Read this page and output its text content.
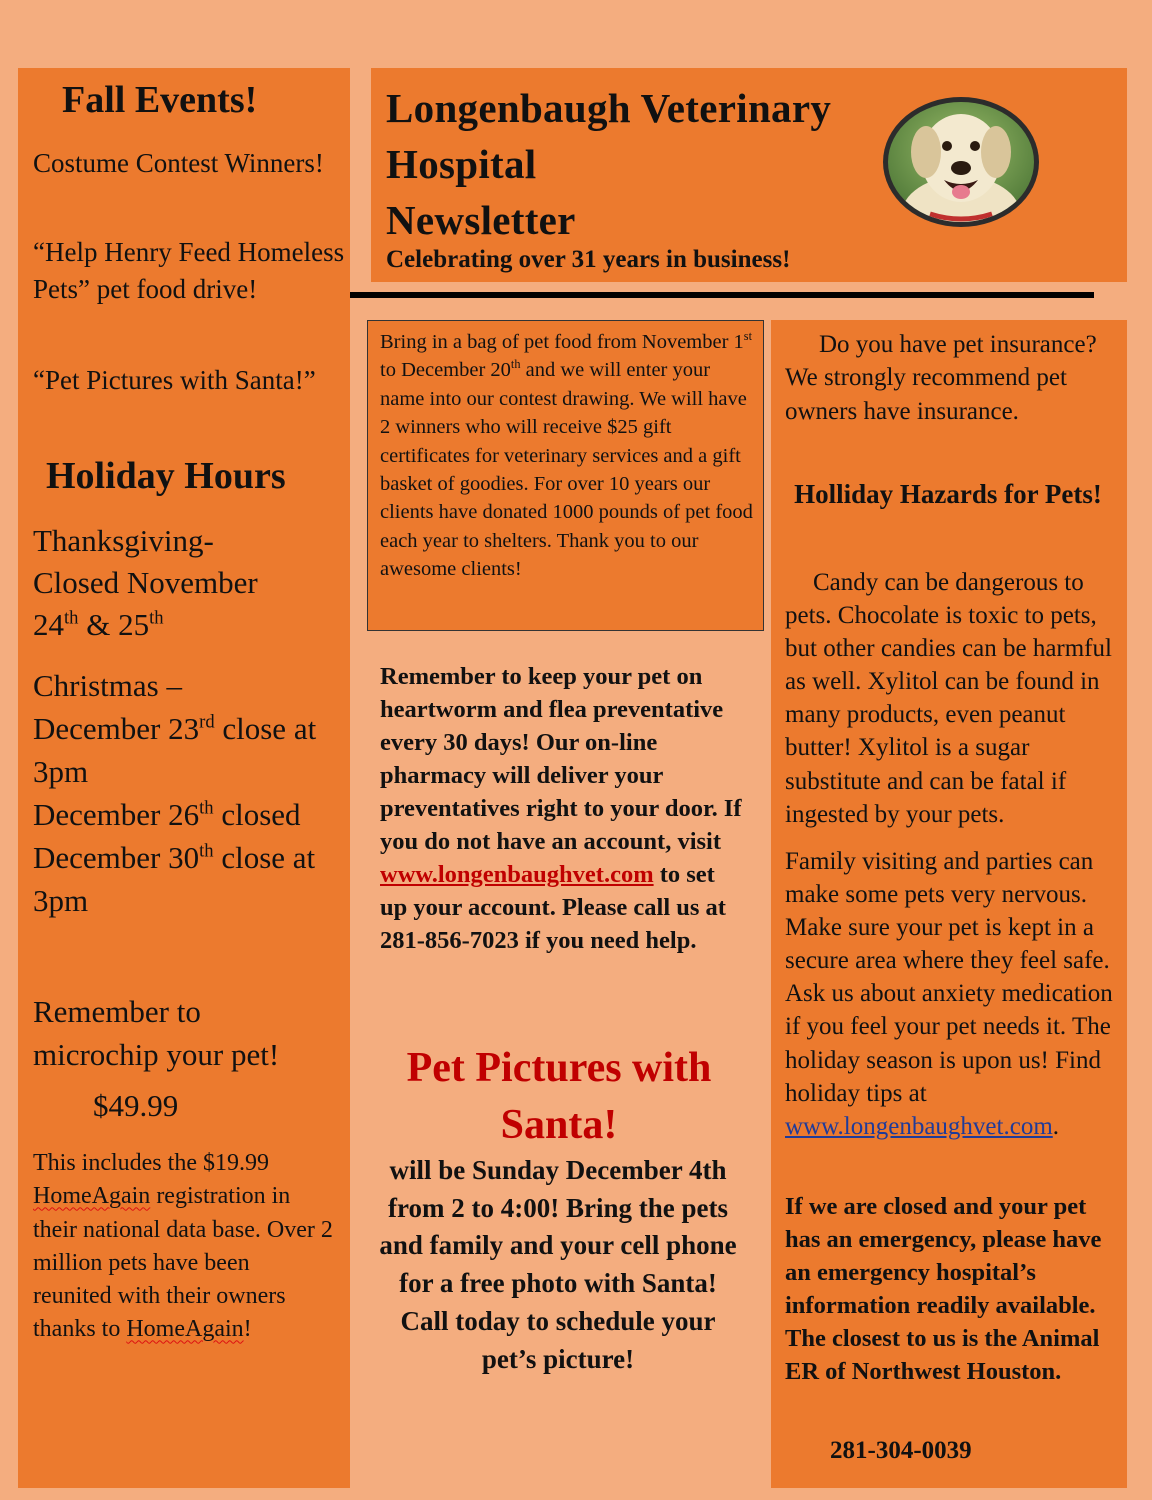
Fall Events!
Costume Contest Winners!
“Help Henry Feed Homeless Pets” pet food drive!
“Pet Pictures with Santa!”
Holiday Hours
Thanksgiving-
Closed November
24th & 25th
Christmas –
December 23rd close at 3pm
December 26th closed
December 30th close at 3pm
Remember to microchip your pet!
$49.99
This includes the $19.99 HomeAgain registration in their national data base. Over 2 million pets have been reunited with their owners thanks to HomeAgain!
Longenbaugh Veterinary
Hospital
Newsletter
Celebrating over 31 years in business!
Bring in a bag of pet food from November 1st to December 20th and we will enter your name into our contest drawing. We will have 2 winners who will receive $25 gift certificates for veterinary services and a gift basket of goodies. For over 10 years our clients have donated 1000 pounds of pet food each year to shelters. Thank you to our awesome clients!
Remember to keep your pet on heartworm and flea preventative every 30 days! Our on-line pharmacy will deliver your preventatives right to your door. If you do not have an account, visit www.longenbaughvet.com to set up your account. Please call us at 281-856-7023 if you need help.
Pet Pictures with Santa!
will be Sunday December 4th from 2 to 4:00! Bring the pets and family and your cell phone for a free photo with Santa!
Call today to schedule your pet’s picture!
Do you have pet insurance? We strongly recommend pet owners have insurance.
Holliday Hazards for Pets!
Candy can be dangerous to pets. Chocolate is toxic to pets, but other candies can be harmful as well. Xylitol can be found in many products, even peanut butter! Xylitol is a sugar substitute and can be fatal if ingested by your pets.
Family visiting and parties can make some pets very nervous. Make sure your pet is kept in a secure area where they feel safe. Ask us about anxiety medication if you feel your pet needs it. The holiday season is upon us! Find holiday tips at www.longenbaughvet.com.
If we are closed and your pet has an emergency, please have an emergency hospital’s information readily available. The closest to us is the Animal ER of Northwest Houston.
281-304-0039
